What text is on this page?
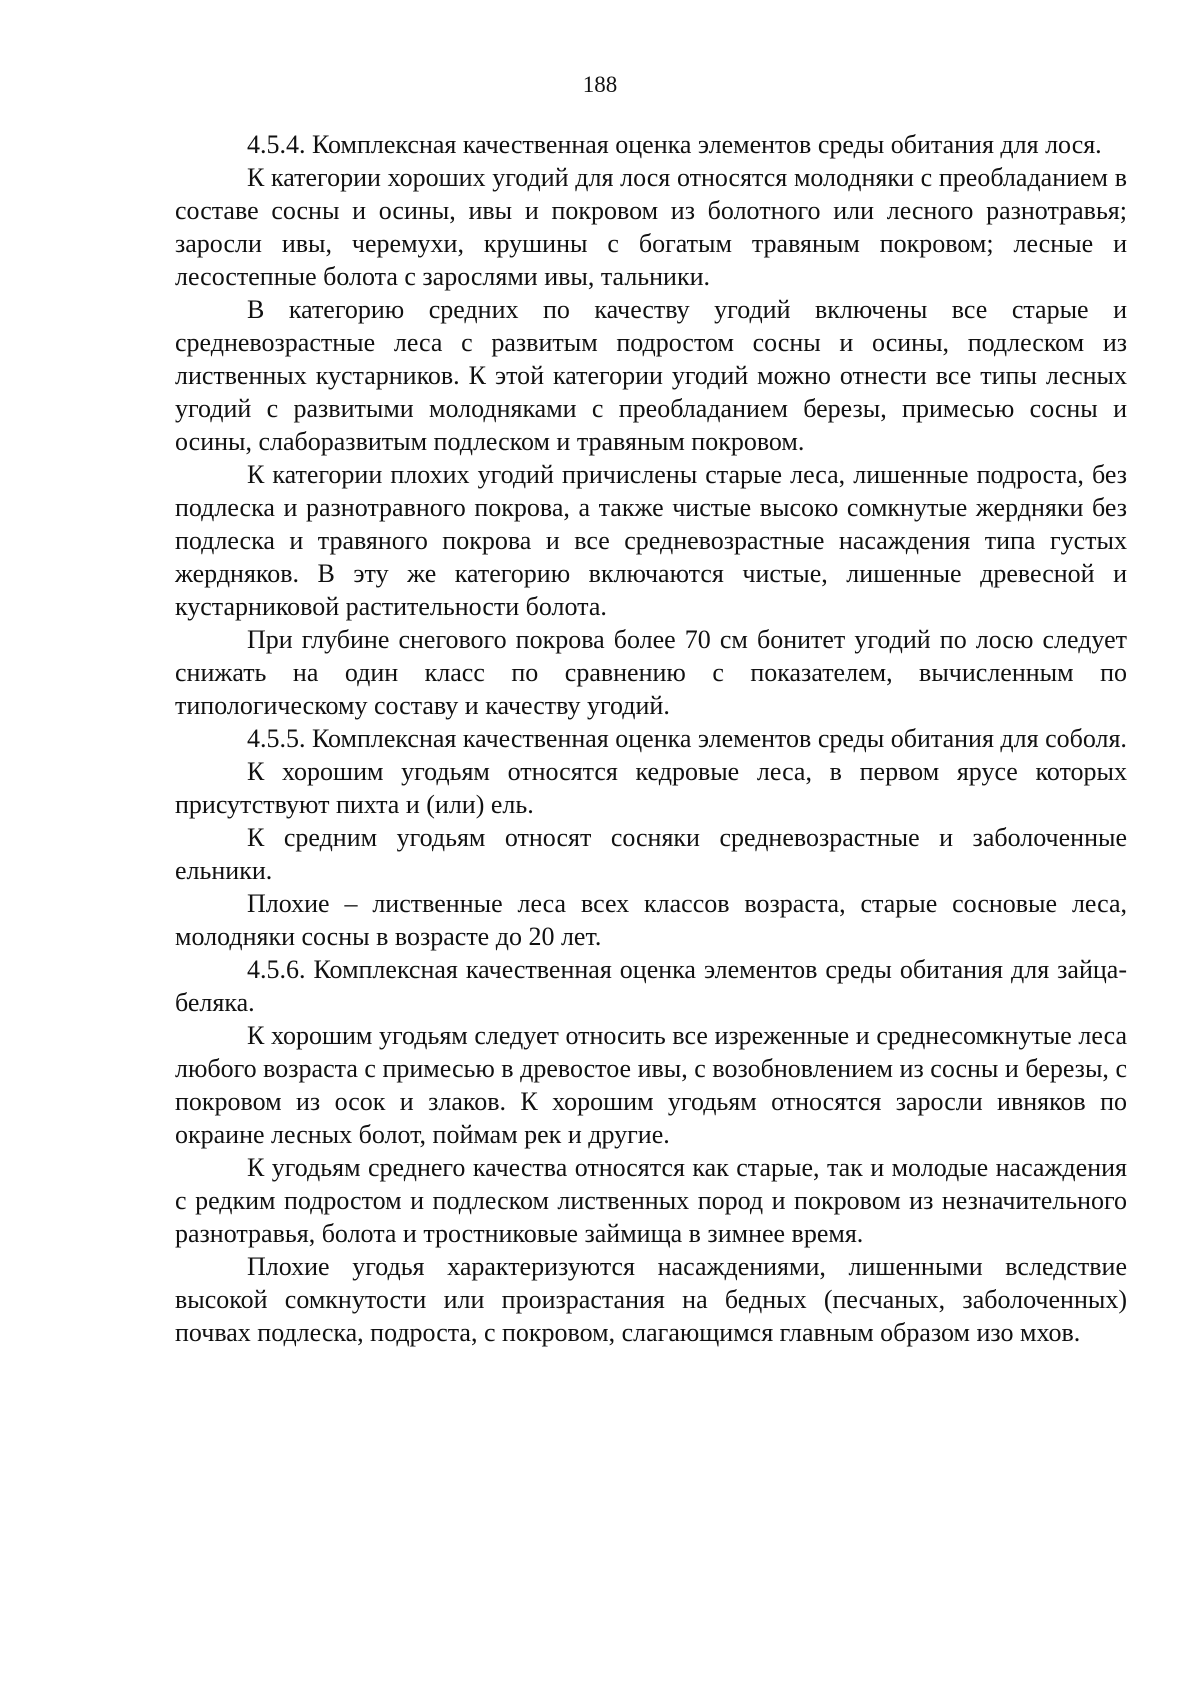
188

4.5.4. Комплексная качественная оценка элементов среды обитания для лося.

К категории хороших угодий для лося относятся молодняки с преобладанием в составе сосны и осины, ивы и покровом из болотного или лесного разнотравья; заросли ивы, черемухи, крушины с богатым травяным покровом; лесные и лесостепные болота с зарослями ивы, тальники.

В категорию средних по качеству угодий включены все старые и средневозрастные леса с развитым подростом сосны и осины, подлеском из лиственных кустарников. К этой категории угодий можно отнести все типы лесных угодий с развитыми молодняками с преобладанием березы, примесью сосны и осины, слаборазвитым подлеском и травяным покровом.

К категории плохих угодий причислены старые леса, лишенные подроста, без подлеска и разнотравного покрова, а также чистые высоко сомкнутые жердняки без подлеска и травяного покрова и все средневозрастные насаждения типа густых жердняков. В эту же категорию включаются чистые, лишенные древесной и кустарниковой растительности болота.

При глубине снегового покрова более 70 см бонитет угодий по лосю следует снижать на один класс по сравнению с показателем, вычисленным по типологическому составу и качеству угодий.

4.5.5. Комплексная качественная оценка элементов среды обитания для соболя.

К хорошим угодьям относятся кедровые леса, в первом ярусе которых присутствуют пихта и (или) ель.

К средним угодьям относят сосняки средневозрастные и заболоченные ельники.

Плохие – лиственные леса всех классов возраста, старые сосновые леса, молодняки сосны в возрасте до 20 лет.

4.5.6. Комплексная качественная оценка элементов среды обитания для зайца-беляка.

К хорошим угодьям следует относить все изреженные и среднесомкнутые леса любого возраста с примесью в древостое ивы, с возобновлением из сосны и березы, с покровом из осок и злаков. К хорошим угодьям относятся заросли ивняков по окраине лесных болот, поймам рек и другие.

К угодьям среднего качества относятся как старые, так и молодые насаждения с редким подростом и подлеском лиственных пород и покровом из незначительного разнотравья, болота и тростниковые займища в зимнее время.

Плохие угодья характеризуются насаждениями, лишенными вследствие высокой сомкнутости или произрастания на бедных (песчаных, заболоченных) почвах подлеска, подроста, с покровом, слагающимся главным образом изо мхов.
